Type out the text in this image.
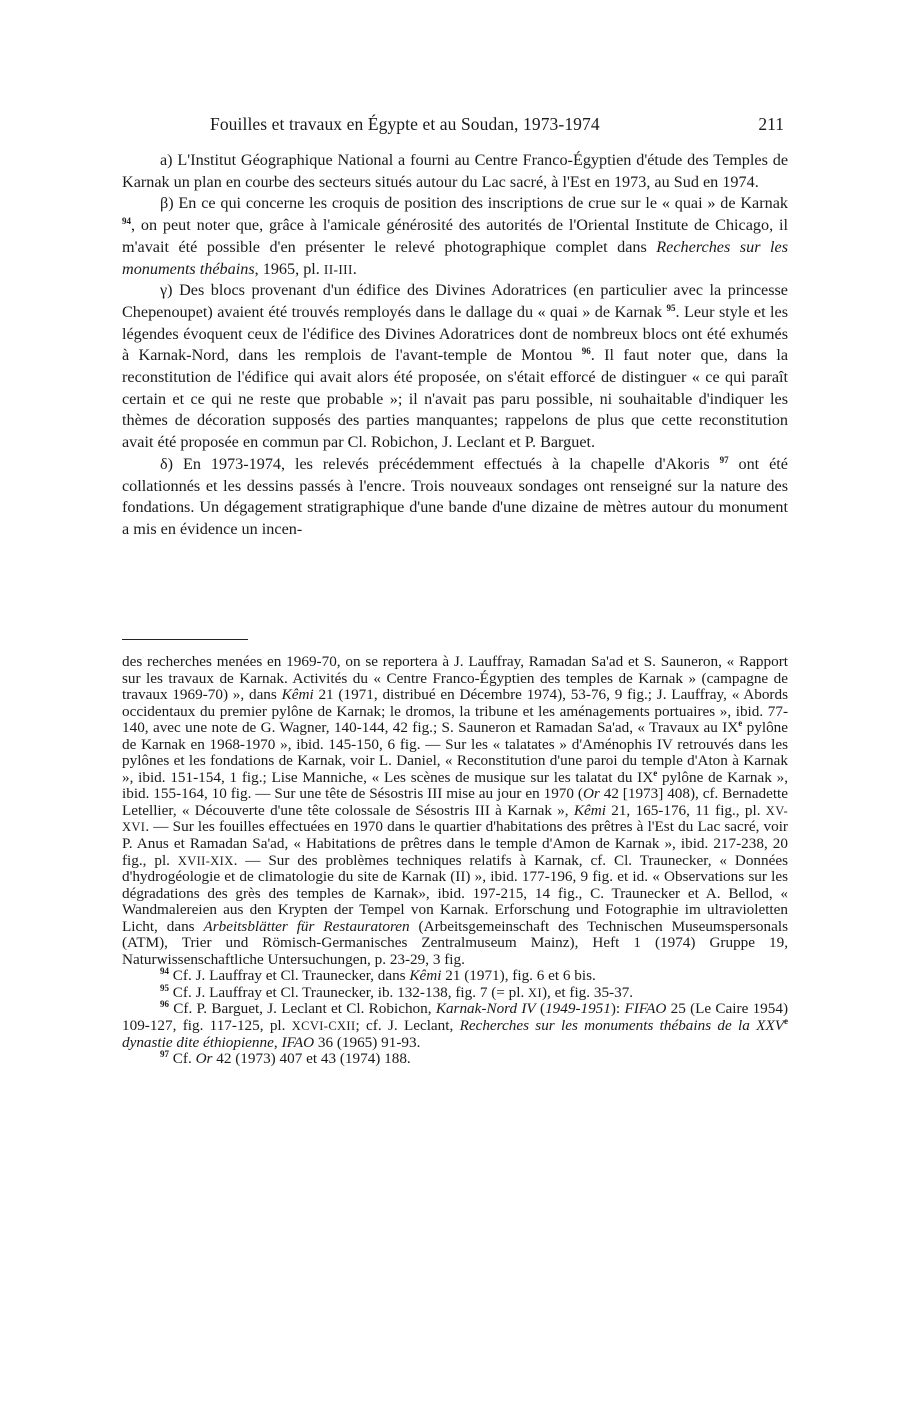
Fouilles et travaux en Égypte et au Soudan, 1973-1974	211

a) L'Institut Géographique National a fourni au Centre Franco-Égyptien d'étude des Temples de Karnak un plan en courbe des secteurs situés autour du Lac sacré, à l'Est en 1973, au Sud en 1974.

β) En ce qui concerne les croquis de position des inscriptions de crue sur le « quai » de Karnak $^{94}$, on peut noter que, grâce à l'amicale générosité des autorités de l'Oriental Institute de Chicago, il m'avait été possible d'en présenter le relevé photographique complet dans Recherches sur les monuments thébains, 1965, pl. II-III.

γ) Des blocs provenant d'un édifice des Divines Adoratrices (en particulier avec la princesse Chepenoupet) avaient été trouvés remployés dans le dallage du « quai » de Karnak $^{95}$. Leur style et les légendes évoquent ceux de l'édifice des Divines Adoratrices dont de nombreux blocs ont été exhumés à Karnak-Nord, dans les remplois de l'avant-temple de Montou $^{96}$. Il faut noter que, dans la reconstitution de l'édifice qui avait alors été proposée, on s'était efforcé de distinguer « ce qui paraît certain et ce qui ne reste que probable »; il n'avait pas paru possible, ni souhaitable d'indiquer les thèmes de décoration supposés des parties manquantes; rappelons de plus que cette reconstitution avait été proposée en commun par Cl. Robichon, J. Leclant et P. Barguet.

δ) En 1973-1974, les relevés précédemment effectués à la chapelle d'Akoris $^{97}$ ont été collationnés et les dessins passés à l'encre. Trois nouveaux sondages ont renseigné sur la nature des fondations. Un dégagement stratigraphique d'une bande d'une dizaine de mètres autour du monument a mis en évidence un incen-

des recherches menées en 1969-70, on se reportera à J. Lauffray, Ramadan Sa'ad et S. Sauneron, « Rapport sur les travaux de Karnak. Activités du « Centre Franco-Égyptien des temples de Karnak » (campagne de travaux 1969-70) », dans Kêmi 21 (1971, distribué en Décembre 1974), 53-76, 9 fig.; J. Lauffray, « Abords occidentaux du premier pylône de Karnak; le dromos, la tribune et les aménagements portuaires », ibid. 77-140, avec une note de G. Wagner, 140-144, 42 fig.; S. Sauneron et Ramadan Sa'ad, « Travaux au IXe pylône de Karnak en 1968-1970 », ibid. 145-150, 6 fig. — Sur les « talatates » d'Aménophis IV retrouvés dans les pylônes et les fondations de Karnak, voir L. Daniel, « Reconstitution d'une paroi du temple d'Aton à Karnak », ibid. 151-154, 1 fig.; Lise Manniche, « Les scènes de musique sur les talatat du IXe pylône de Karnak », ibid. 155-164, 10 fig. — Sur une tête de Sésostris III mise au jour en 1970 (Or 42 [1973] 408), cf. Bernadette Letellier, « Découverte d'une tête colossale de Sésostris III à Karnak », Kêmi 21, 165-176, 11 fig., pl. XV-XVI. — Sur les fouilles effectuées en 1970 dans le quartier d'habitations des prêtres à l'Est du Lac sacré, voir P. Anus et Ramadan Sa'ad, « Habitations de prêtres dans le temple d'Amon de Karnak », ibid. 217-238, 20 fig., pl. XVII-XIX. — Sur des problèmes techniques relatifs à Karnak, cf. Cl. Traunecker, « Données d'hydrogéologie et de climatologie du site de Karnak (II) », ibid. 177-196, 9 fig. et id. « Observations sur les dégradations des grès des temples de Karnak», ibid. 197-215, 14 fig., C. Traunecker et A. Bellod, « Wandmalereien aus den Krypten der Tempel von Karnak. Erforschung und Fotographie im ultravioletten Licht, dans Arbeitsblätter für Restauratoren (Arbeitsgemeinschaft des Technischen Museumspersonals (ATM), Trier und Römisch-Germanisches Zentralmuseum Mainz), Heft 1 (1974) Gruppe 19, Naturwissenschaftliche Untersuchungen, p. 23-29, 3 fig.

$^{94}$ Cf. J. Lauffray et Cl. Traunecker, dans Kêmi 21 (1971), fig. 6 et 6 bis.

$^{95}$ Cf. J. Lauffray et Cl. Traunecker, ib. 132-138, fig. 7 (= pl. XI), et fig. 35-37.

$^{96}$ Cf. P. Barguet, J. Leclant et Cl. Robichon, Karnak-Nord IV (1949-1951): FIFAO 25 (Le Caire 1954) 109-127, fig. 117-125, pl. XCVI-CXII; cf. J. Leclant, Recherches sur les monuments thébains de la XXVe dynastie dite éthiopienne, IFAO 36 (1965) 91-93.

$^{97}$ Cf. Or 42 (1973) 407 et 43 (1974) 188.
